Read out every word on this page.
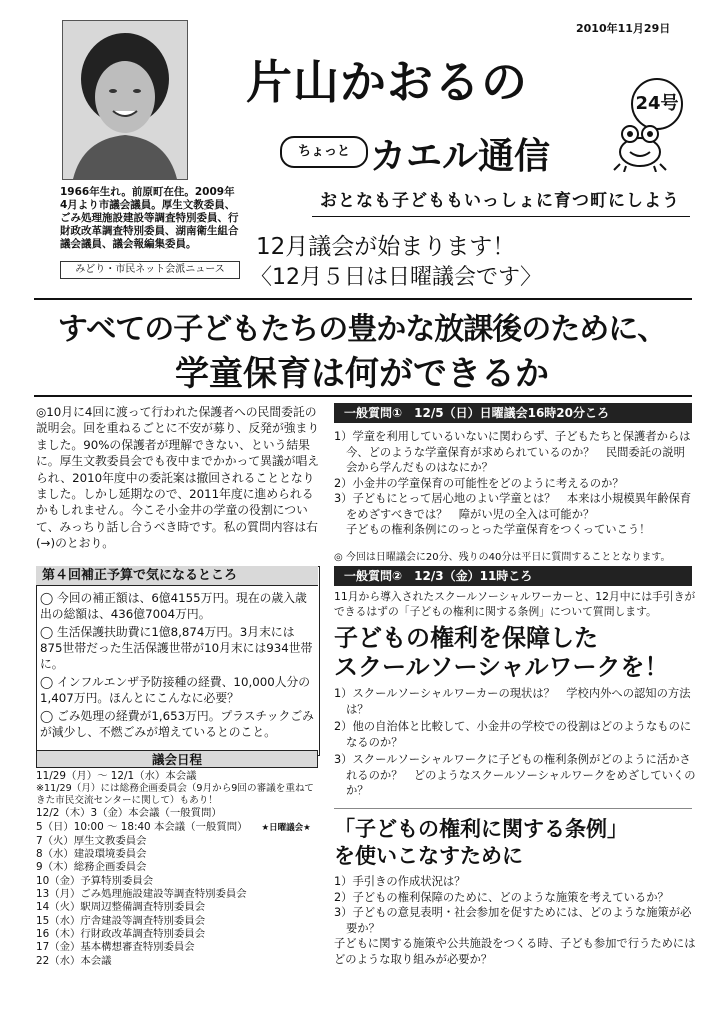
1966年生れ。前原町在住。2009年4月より市議会議員。厚生文教委員、ごみ処理施設建設等調査特別委員、行財政改革調査特別委員、湖南衛生組合議会議員、議会報編集委員。
みどり・市民ネット会派ニュース
2010年11月29日
片山かおるの	24号
ちょっと カエル通信
おとなも子どももいっしょに育つ町にしよう
12月議会が始まります！
〈12月５日は日曜議会です〉
すべての子どもたちの豊かな放課後のために、
学童保育は何ができるか
◎10月に4回に渡って行われた保護者への民間委託の説明会。回を重ねるごとに不安が募り、反発が強まりました。90%の保護者が理解できない、という結果に。厚生文教委員会でも夜中までかかって異議が唱えられ、2010年度中の委託案は撤回されることとなりました。しかし延期なので、2011年度に進められるかもしれません。今こそ小金井の学童の役割について、みっちり話し合うべき時です。私の質問内容は右(→)のとおり。
第４回補正予算で気になるところ
◯ 今回の補正額は、6億4155万円。現在の歳入歳出の総額は、436億7004万円。
◯ 生活保護扶助費に1億8,874万円。3月末には875世帯だった生活保護世帯が10月末には934世帯に。
◯ インフルエンザ予防接種の経費、10,000人分の1,407万円。ほんとにこんなに必要？
◯ ごみ処理の経費が1,653万円。プラスチックごみが減少し、不燃ごみが増えているとのこと。
議会日程
11/29（月）～ 12/1（水）本会議
※11/29（月）には総務企画委員会（9月から9回の審議を重ねてきた市民交流センターに関して）もあり！
12/2（木）3（金）本会議（一般質問）
5（日）10:00 ～ 18:40 本会議（一般質問） ★日曜議会★
7（火）厚生文教委員会
8（水）建設環境委員会
9（木）総務企画委員会
10（金）予算特別委員会
13（月）ごみ処理施設建設等調査特別委員会
14（火）駅周辺整備調査特別委員会
15（水）庁舎建設等調査特別委員会
16（木）行財政改革調査特別委員会
17（金）基本構想審査特別委員会
22（水）本会議
一般質問①　12/5（日）日曜議会16時20分ころ
1）学童を利用しているいないに関わらず、子どもたちと保護者からは今、どのような学童保育が求められているのか？　民間委託の説明会から学んだものはなにか？
2）小金井の学童保育の可能性をどのように考えるのか？
3）子どもにとって居心地のよい学童とは？　本来は小規模異年齢保育をめざすべきでは？　障がい児の全入は可能か？
子どもの権利条例にのっとった学童保育をつくっていこう！
◎ 今回は日曜議会に20分、残りの40分は平日に質問することとなります。
一般質問②　12/3（金）11時ころ
11月から導入されたスクールソーシャルワーカーと、12月中には手引きができるはずの「子どもの権利に関する条例」について質問します。
子どもの権利を保障した
スクールソーシャルワークを！
1）スクールソーシャルワーカーの現状は？　学校内外への認知の方法は？
2）他の自治体と比較して、小金井の学校での役割はどのようなものになるのか？
3）スクールソーシャルワークに子どもの権利条例がどのように活かされるのか？　どのようなスクールソーシャルワークをめざしていくのか？
「子どもの権利に関する条例」
を使いこなすために
1）手引きの作成状況は？
2）子どもの権利保障のために、どのような施策を考えているか？
3）子どもの意見表明・社会参加を促すためには、どのような施策が必要か？
子どもに関する施策や公共施設をつくる時、子ども参加で行うためにはどのような取り組みが必要か？
